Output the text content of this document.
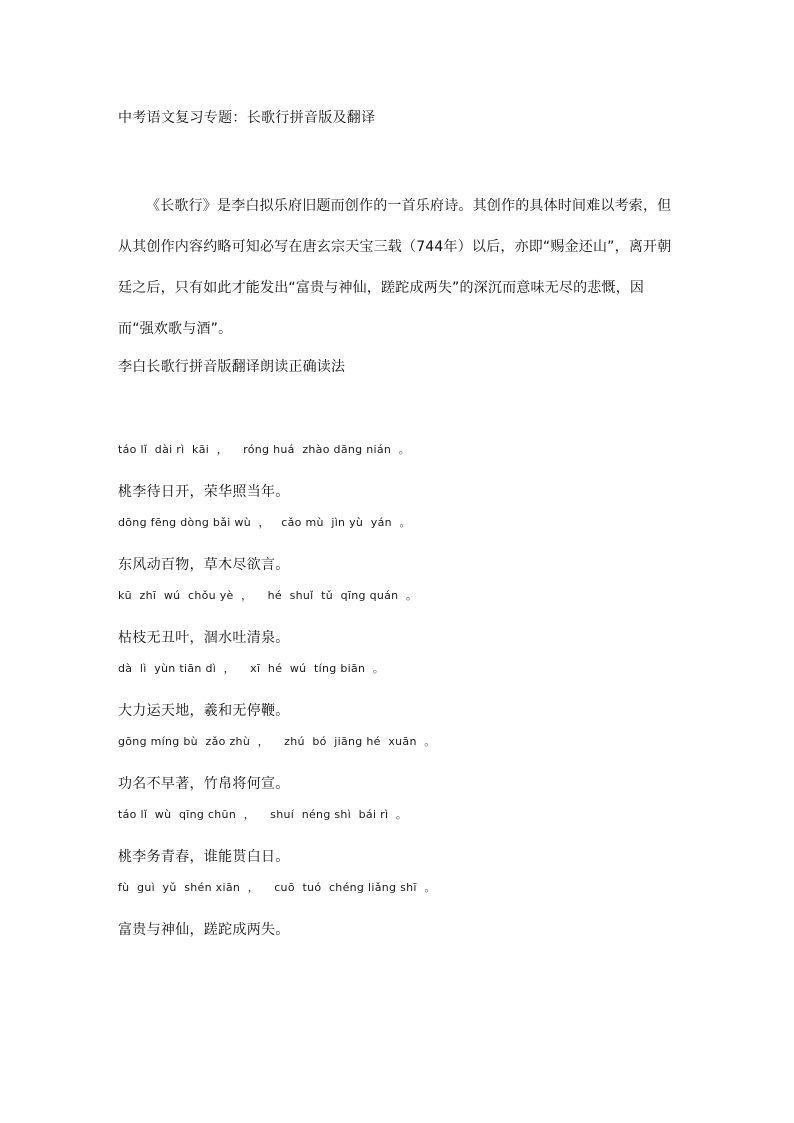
中考语文复习专题：长歌行拼音版及翻译

《长歌行》是李白拟乐府旧题而创作的一首乐府诗。其创作的具体时间难以考索，但从其创作内容约略可知必写在唐玄宗天宝三载（744年）以后，亦即“赐金还山”，离开朝廷之后，只有如此才能发出“富贵与神仙，蹉跎成两失”的深沉而意味无尽的悲慨，因而“强欢歌与酒”。

李白长歌行拼音版翻译朗读正确读法
táo lǐ  dài rì  kāi  ，    róng huá  zhào dāng nián  。
桃李待日开，荣华照当年。
dōng fēng dòng bǎi wù  ，   cǎo mù  jìn yù  yán  。
东风动百物，草木尽欲言。
kū  zhī  wú  chǒu yè  ，    hé  shuǐ  tǔ  qīng quán  。
枯枝无丑叶，涸水吐清泉。
dà  lì  yùn tiān dì  ，    xī  hé  wú  tíng biān  。
大力运天地，羲和无停鞭。
gōng míng bù  zǎo zhù  ，    zhú  bó  jiāng hé  xuān  。
功名不早著，竹帛将何宣。
táo lǐ  wù  qīng chūn  ，    shuí  néng shì  bái rì  。
桃李务青春，谁能贳白日。
fù  guì  yǔ  shén xiān  ，    cuō  tuó  chéng liǎng shī  。
富贵与神仙，蹉跎成两失。
